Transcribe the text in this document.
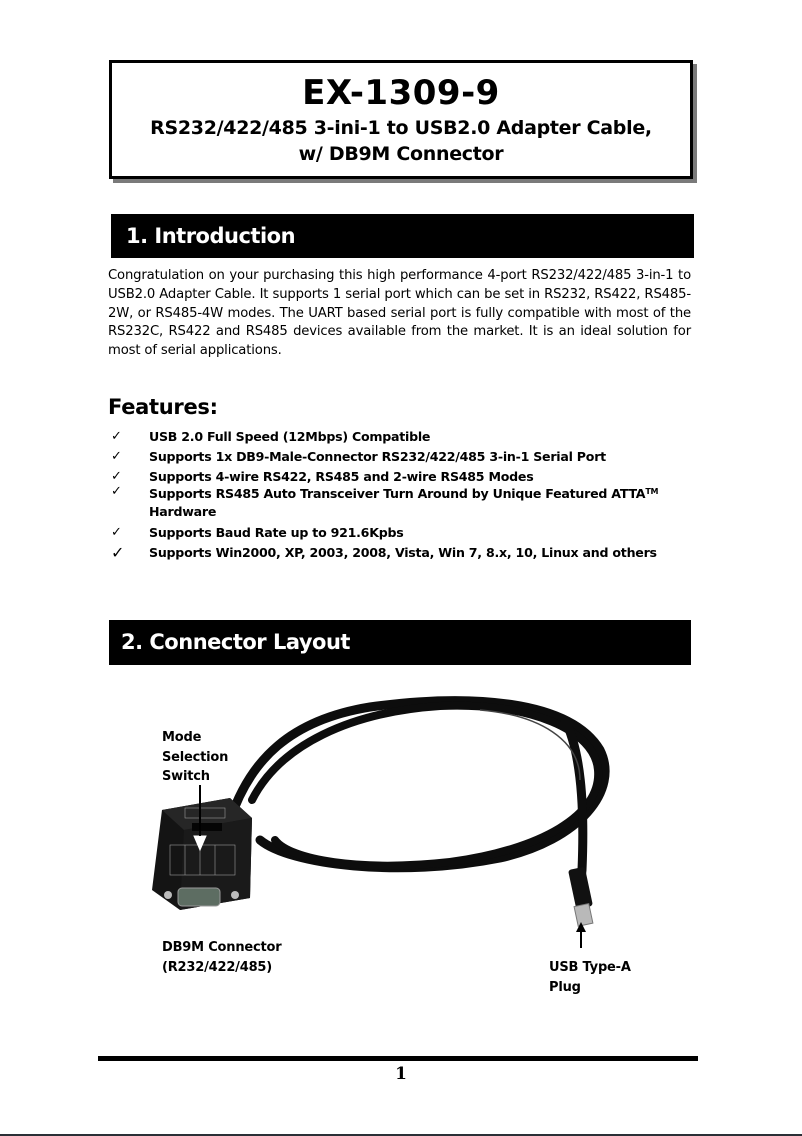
EX-1309-9
RS232/422/485 3-ini-1 to USB2.0 Adapter Cable,
w/ DB9M Connector
1. Introduction

Congratulation on your purchasing this high performance 4-port RS232/422/485 3-in-1 to USB2.0 Adapter Cable. It supports 1 serial port which can be set in RS232, RS422, RS485-2W, or RS485-4W modes. The UART based serial port is fully compatible with most of the RS232C, RS422 and RS485 devices available from the market. It is an ideal solution for most of serial applications.

Features:
✓ USB 2.0 Full Speed (12Mbps) Compatible
✓ Supports 1x DB9-Male-Connector RS232/422/485 3-in-1 Serial Port
✓ Supports 4-wire RS422, RS485 and 2-wire RS485 Modes
✓ Supports RS485 Auto Transceiver Turn Around by Unique Featured ATTA™
Hardware
✓ Supports Baud Rate up to 921.6Kpbs
✓ Supports Win2000, XP, 2003, 2008, Vista, Win 7, 8.x, 10, Linux and others
2. Connector Layout
Mode
Selection
Switch
DB9M Connector
(R232/422/485)	USB Type-A
Plug
1
